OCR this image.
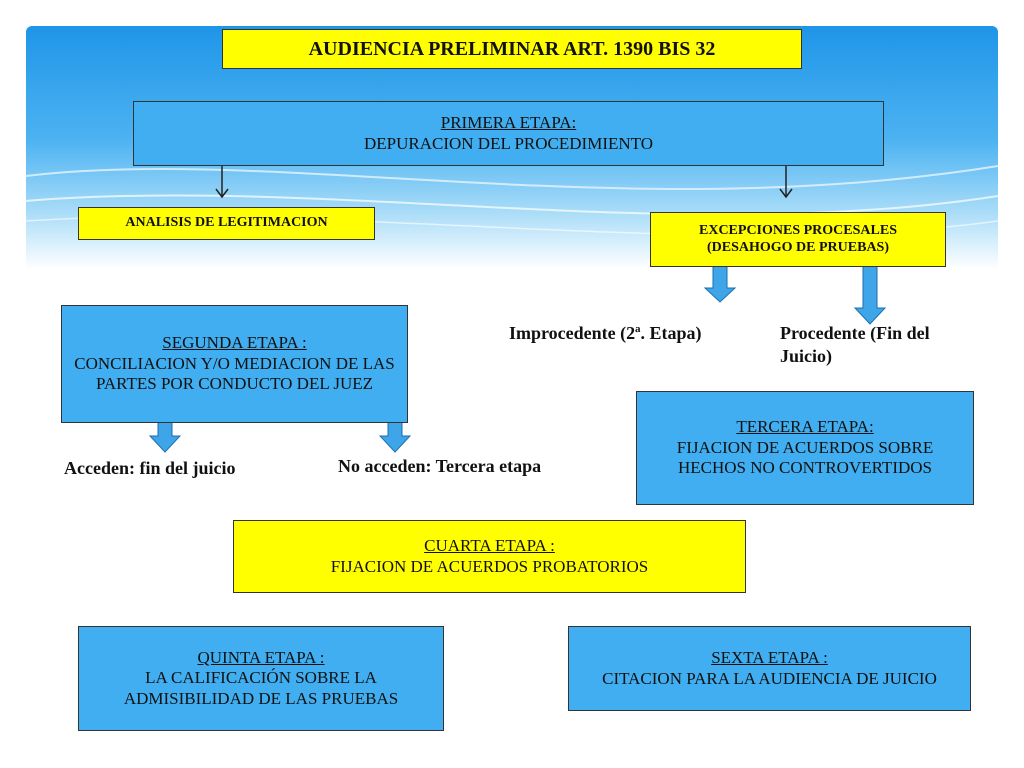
AUDIENCIA PRELIMINAR ART. 1390 BIS 32
PRIMERA ETAPA:
DEPURACION DEL PROCEDIMIENTO
ANALISIS DE LEGITIMACION
EXCEPCIONES PROCESALES
(DESAHOGO DE PRUEBAS)
SEGUNDA ETAPA :
CONCILIACION Y/O MEDIACION DE LAS PARTES POR CONDUCTO DEL JUEZ
Improcedente (2ª. Etapa)	Procedente (Fin del Juicio)
TERCERA ETAPA:
FIJACION DE ACUERDOS SOBRE HECHOS NO CONTROVERTIDOS
Acceden: fin del juicio	No acceden: Tercera etapa
CUARTA ETAPA :
FIJACION DE ACUERDOS PROBATORIOS
QUINTA ETAPA :
LA CALIFICACIÓN SOBRE LA ADMISIBILIDAD DE LAS PRUEBAS
SEXTA ETAPA :
CITACION PARA LA AUDIENCIA DE JUICIO
